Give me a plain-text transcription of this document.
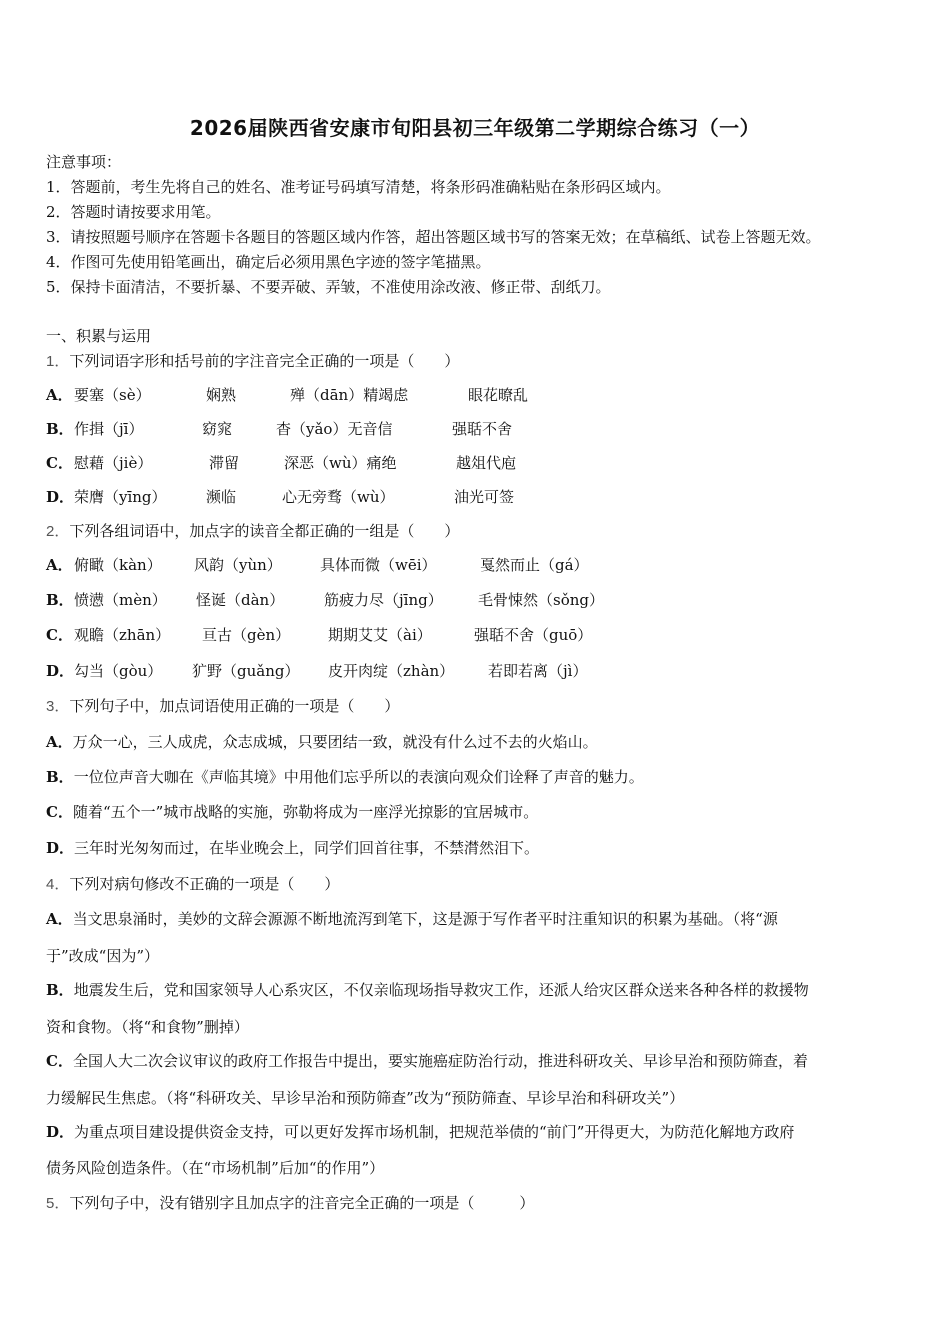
2026届陕西省安康市旬阳县初三年级第二学期综合练习（一）
注意事项：
1．答题前，考生先将自己的姓名、准考证号码填写清楚，将条形码准确粘贴在条形码区域内。
2．答题时请按要求用笔。
3．请按照题号顺序在答题卡各题目的答题区域内作答，超出答题区域书写的答案无效；在草稿纸、试卷上答题无效。
4．作图可先使用铅笔画出，确定后必须用黑色字迹的签字笔描黑。
5．保持卡面清洁，不要折暴、不要弄破、弄皱，不准使用涂改液、修正带、刮纸刀。
一、积累与运用
1．下列词语字形和括号前的字注音完全正确的一项是（　　）
A． 要塞（sè）	娴熟	殚（dān）精竭虑	眼花暸乱
B． 作揖（jī）	窈窕	杳（yǎo）无音信	强聒不舍
C． 慰藉（jiè）	滞留	深恶（wù）痛绝	越俎代庖
D． 荣膺（yīng）	濒临	心无旁骛（wù）	油光可签
2．下列各组词语中，加点字的读音全都正确的一组是（　　）
A． 俯瞰（kàn） 风韵（yùn）	具体而微（wēi）	戛然而止（gá）
B． 愤懑（mèn） 怪诞（dàn）	筋疲力尽（jīng） 毛骨悚然（sǒng）
C． 观瞻（zhān） 亘古（gèn）	期期艾艾（ài）	强聒不舍（guō）
D． 勾当（gòu） 犷野（guǎng） 皮开肉绽（zhàn） 若即若离（jì）
3．下列句子中，加点词语使用正确的一项是（　　）
A．万众一心，三人成虎，众志成城，只要团结一致，就没有什么过不去的火焰山。
B．一位位声音大咖在《声临其境》中用他们忘乎所以的表演向观众们诠释了声音的魅力。
C．随着“五个一”城市战略的实施，弥勒将成为一座浮光掠影的宜居城市。
D．三年时光匆匆而过，在毕业晚会上，同学们回首往事，不禁潸然泪下。
4．下列对病句修改不正确的一项是（　　）
A．当文思泉涌时，美妙的文辞会源源不断地流泻到笔下，这是源于写作者平时注重知识的积累为基础。（将“源
于”改成“因为”）
B．地震发生后，党和国家领导人心系灾区，不仅亲临现场指导救灾工作，还派人给灾区群众送来各种各样的救援物
资和食物。（将“和食物”删掉）
C．全国人大二次会议审议的政府工作报告中提出，要实施癌症防治行动，推进科研攻关、早诊早治和预防筛查，着
力缓解民生焦虑。（将“科研攻关、早诊早治和预防筛查”改为“预防筛查、早诊早治和科研攻关”）
D．为重点项目建设提供资金支持，可以更好发挥市场机制，把规范举债的“前门”开得更大，为防范化解地方政府
债务风险创造条件。（在“市场机制”后加“的作用”）
5．下列句子中，没有错别字且加点字的注音完全正确的一项是（　　　）
